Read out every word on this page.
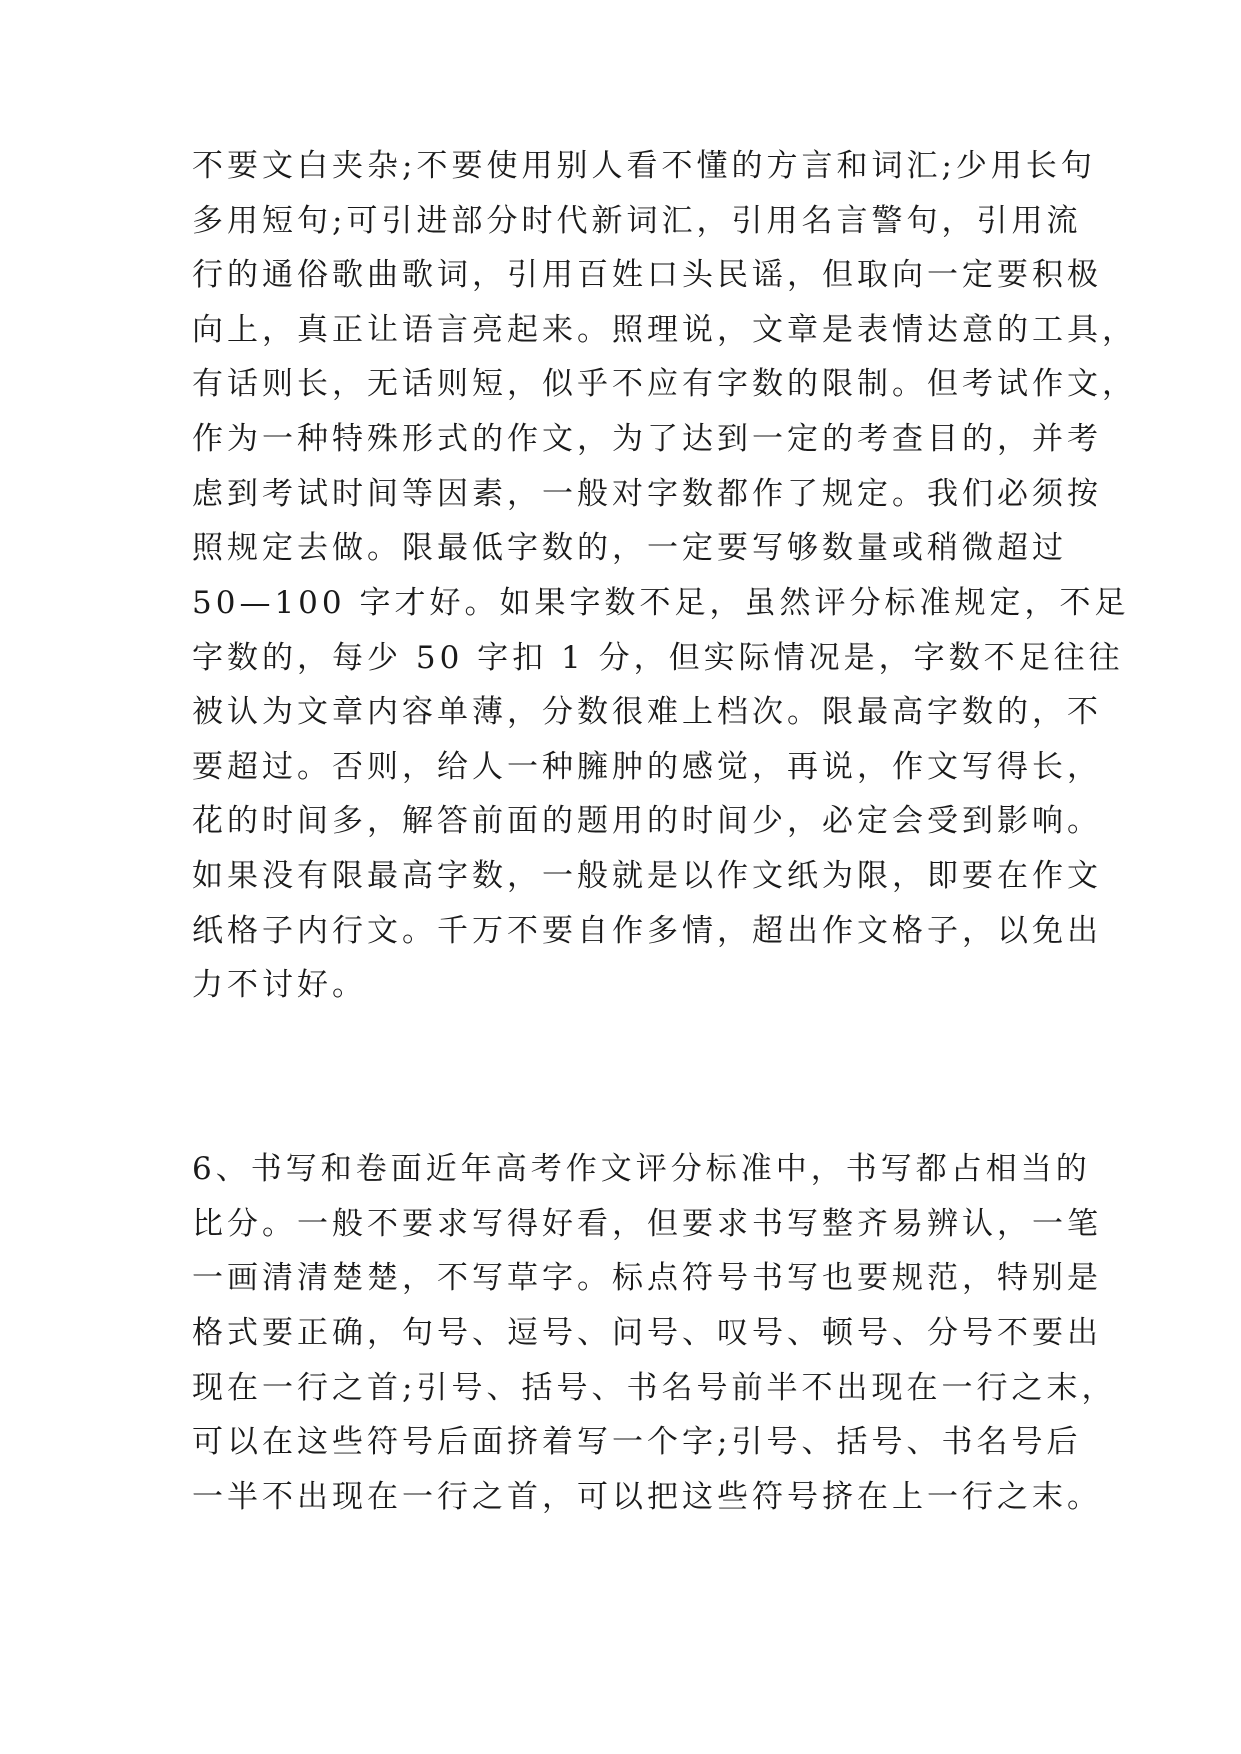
不要文白夹杂;不要使用别人看不懂的方言和词汇;少用长句
多用短句;可引进部分时代新词汇，引用名言警句，引用流
行的通俗歌曲歌词，引用百姓口头民谣，但取向一定要积极
向上，真正让语言亮起来。照理说，文章是表情达意的工具，
有话则长，无话则短，似乎不应有字数的限制。但考试作文，
作为一种特殊形式的作文，为了达到一定的考查目的，并考
虑到考试时间等因素，一般对字数都作了规定。我们必须按
照规定去做。限最低字数的，一定要写够数量或稍微超过
50—100 字才好。如果字数不足，虽然评分标准规定，不足
字数的，每少 50 字扣 1 分，但实际情况是，字数不足往往
被认为文章内容单薄，分数很难上档次。限最高字数的，不
要超过。否则，给人一种臃肿的感觉，再说，作文写得长，
花的时间多，解答前面的题用的时间少，必定会受到影响。
如果没有限最高字数，一般就是以作文纸为限，即要在作文
纸格子内行文。千万不要自作多情，超出作文格子，以免出
力不讨好。
6、书写和卷面近年高考作文评分标准中，书写都占相当的
比分。一般不要求写得好看，但要求书写整齐易辨认，一笔
一画清清楚楚，不写草字。标点符号书写也要规范，特别是
格式要正确，句号、逗号、问号、叹号、顿号、分号不要出
现在一行之首;引号、括号、书名号前半不出现在一行之末，
可以在这些符号后面挤着写一个字;引号、括号、书名号后
一半不出现在一行之首，可以把这些符号挤在上一行之末。
